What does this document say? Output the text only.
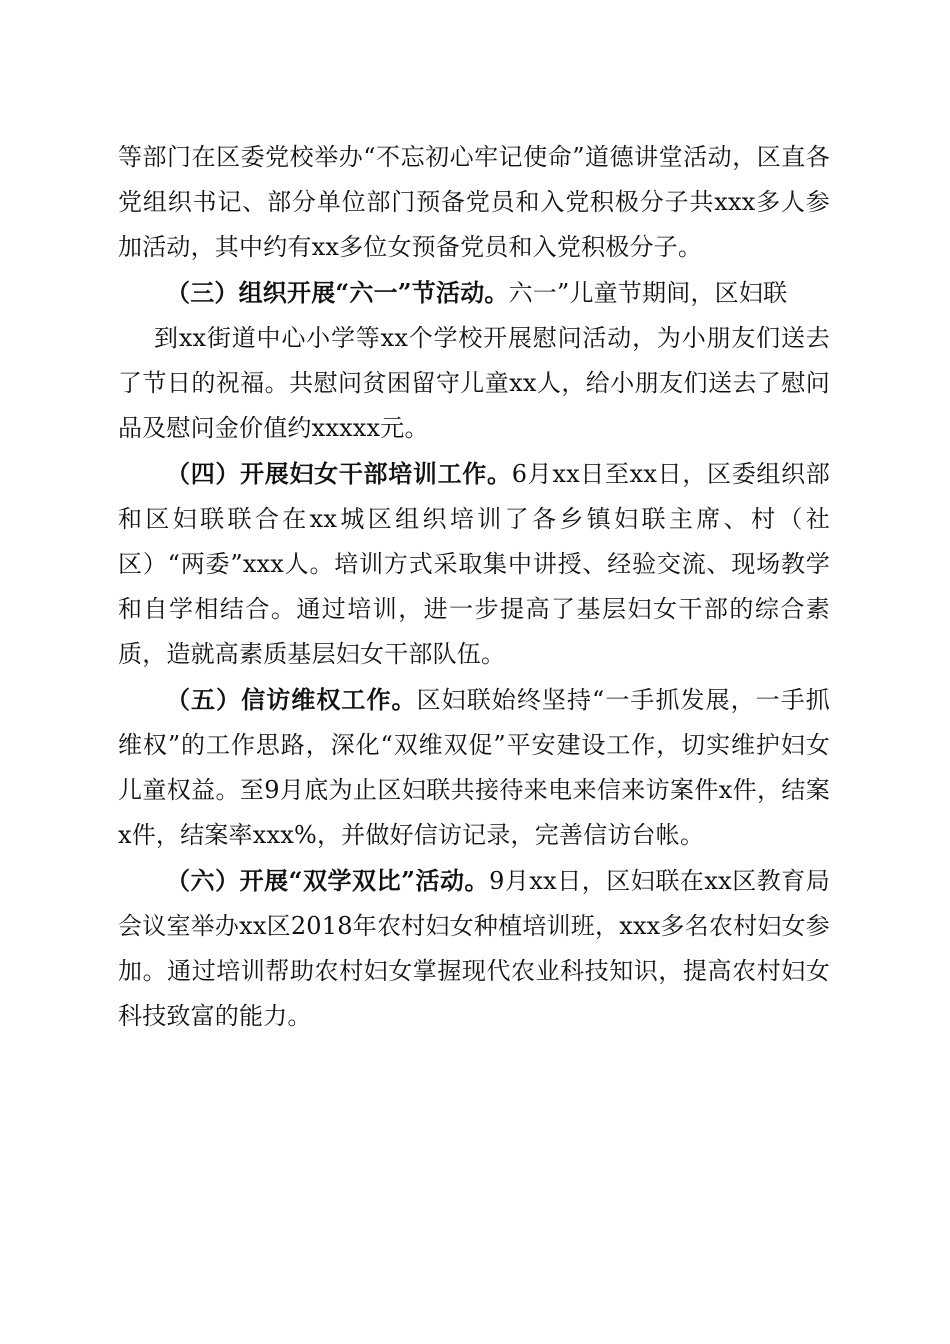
等部门在区委党校举办“不忘初心牢记使命”道德讲堂活动，区直各党组织书记、部分单位部门预备党员和入党积极分子共xxx多人参加活动，其中约有xx多位女预备党员和入党积极分子。

（三）组织开展“六一”节活动。六一”儿童节期间，区妇联

到xx街道中心小学等xx个学校开展慰问活动，为小朋友们送去了节日的祝福。共慰问贫困留守儿童xx人，给小朋友们送去了慰问品及慰问金价值约xxxxx元。

（四）开展妇女干部培训工作。6月xx日至xx日，区委组织部和区妇联联合在xx城区组织培训了各乡镇妇联主席、村（社区）“两委”xxx人。培训方式采取集中讲授、经验交流、现场教学和自学相结合。通过培训，进一步提高了基层妇女干部的综合素质，造就高素质基层妇女干部队伍。

（五）信访维权工作。区妇联始终坚持“一手抓发展，一手抓维权”的工作思路，深化“双维双促”平安建设工作，切实维护妇女儿童权益。至9月底为止区妇联共接待来电来信来访案件x件，结案x件，结案率xxx%，并做好信访记录，完善信访台帐。

（六）开展“双学双比”活动。9月xx日，区妇联在xx区教育局会议室举办xx区2018年农村妇女种植培训班，xxx多名农村妇女参加。通过培训帮助农村妇女掌握现代农业科技知识，提高农村妇女科技致富的能力。
